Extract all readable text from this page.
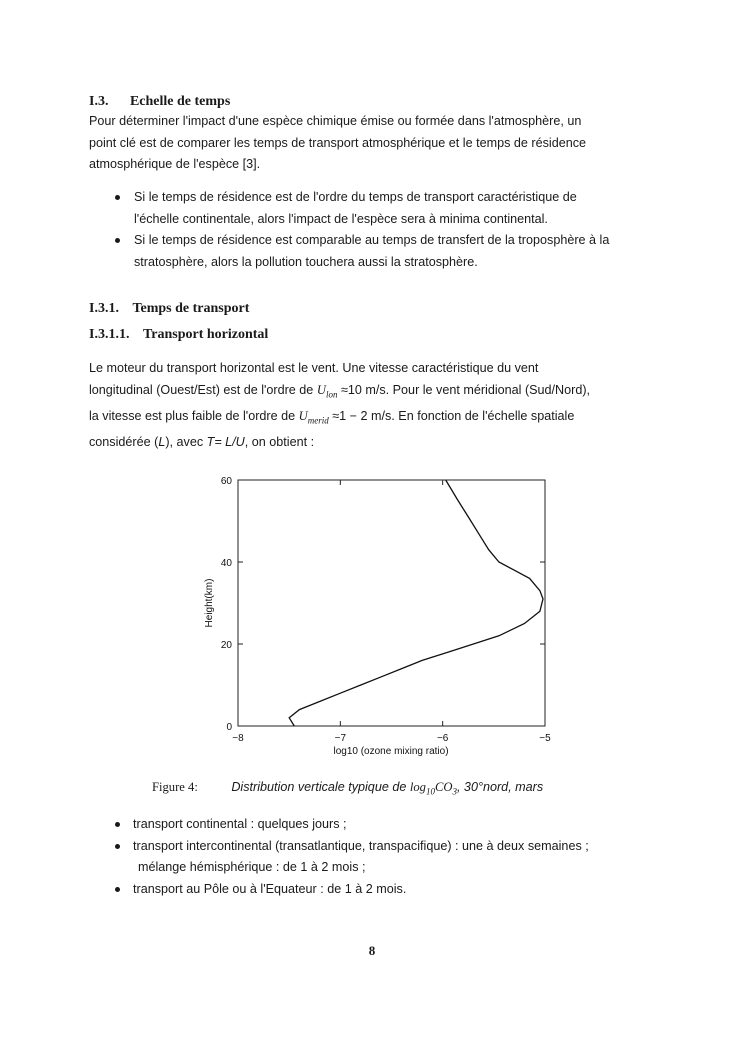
I.3. Echelle de temps
Pour déterminer l'impact d'une espèce chimique émise ou formée dans l'atmosphère, un
point clé est de comparer les temps de transport atmosphérique et le temps de résidence
atmosphérique de l'espèce [3].
Si le temps de résidence est de l'ordre du temps de transport caractéristique de
l'échelle continentale, alors l'impact de l'espèce sera à minima continental.
Si le temps de résidence est comparable au temps de transfert de la troposphère à la
stratosphère, alors la pollution touchera aussi la stratosphère.
I.3.1. Temps de transport
I.3.1.1. Transport horizontal
Le moteur du transport horizontal est le vent. Une vitesse caractéristique du vent
longitudinal (Ouest/Est) est de l'ordre de $U_{lon} \approx 10$ m/s. Pour le vent méridional (Sud/Nord),
la vitesse est plus faible de l'ordre de $U_{merid} \approx 1 - 2$ m/s. En fonction de l'échelle spatiale
considérée (L), avec T= L/U, on obtient :
−8	−7	−6	−5
0
20
40
60
log10 (ozone mixing ratio)
Height(km)
Figure 4:	Distribution verticale typique de $\log_{10}CO_3$, 30°nord, mars
transport continental : quelques jours ;
transport intercontinental (transatlantique, transpacifique) : une à deux semaines ;
mélange hémisphérique : de 1 à 2 mois ;
transport au Pôle ou à l'Equateur : de 1 à 2 mois.
8
